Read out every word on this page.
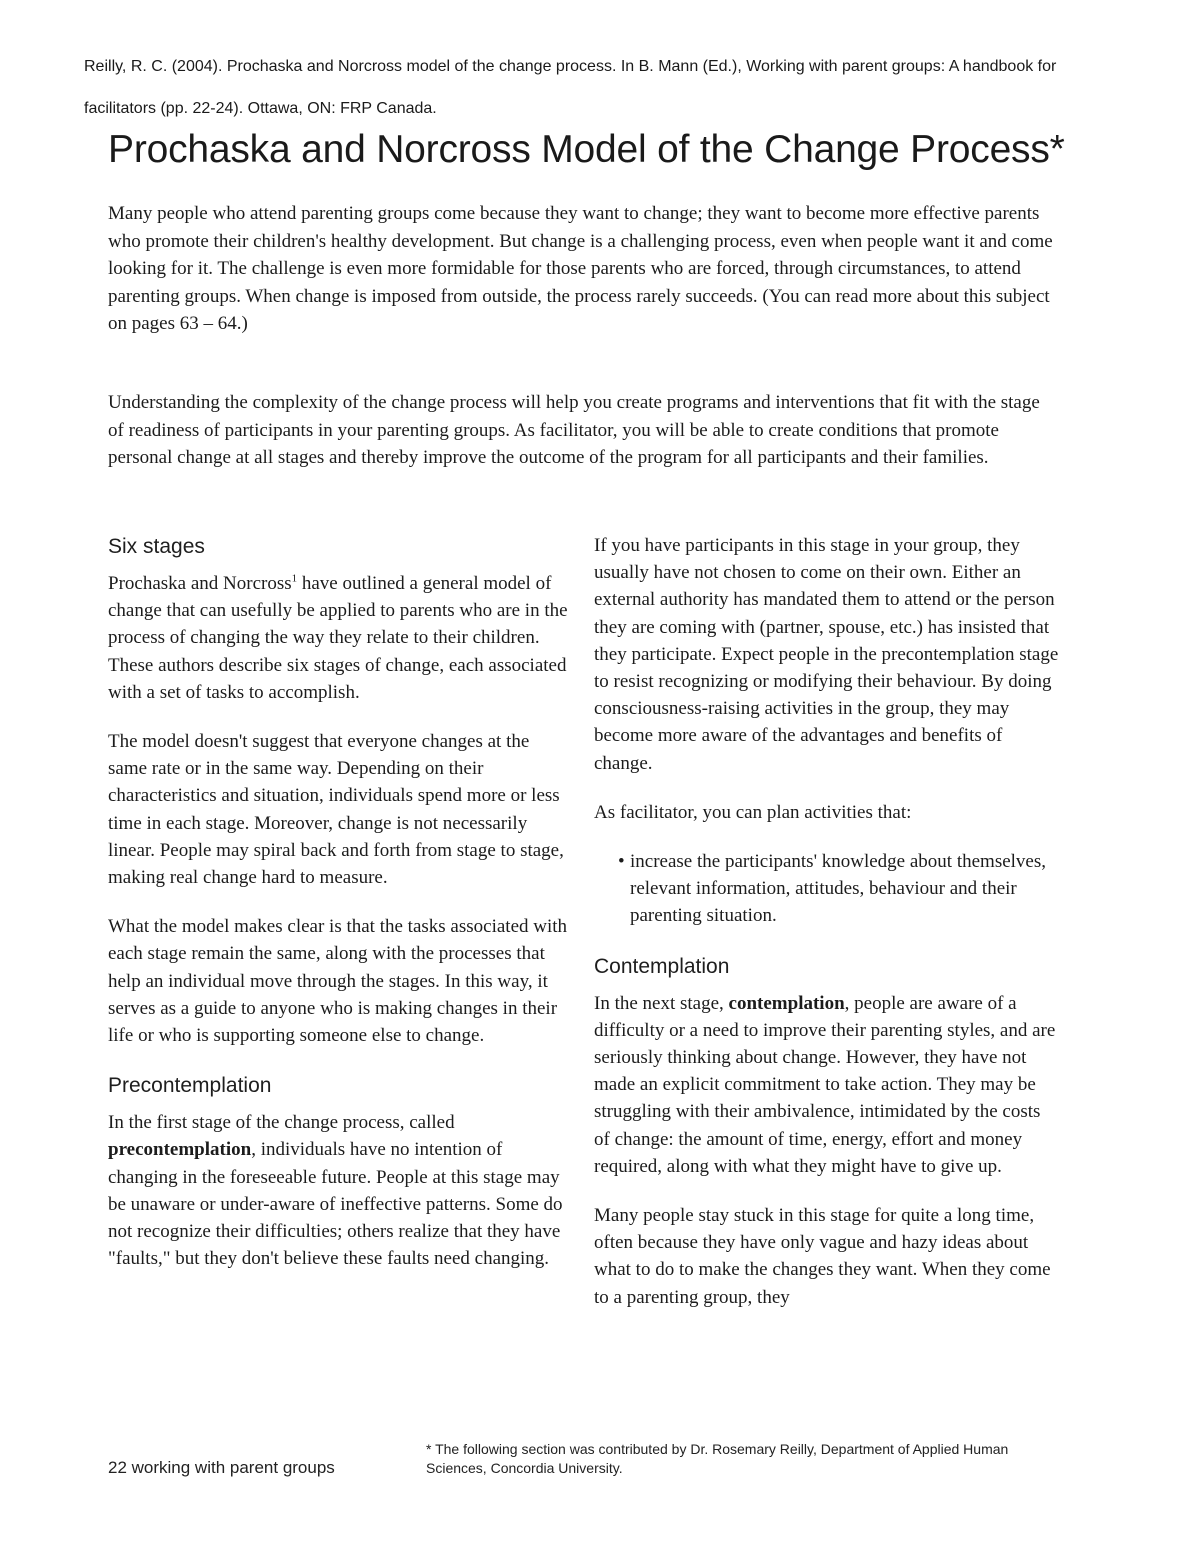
Reilly, R. C. (2004). Prochaska and Norcross model of the change process. In B. Mann (Ed.), Working with parent groups: A handbook for
facilitators (pp. 22-24). Ottawa, ON: FRP Canada.
Prochaska and Norcross Model of the Change Process*

Many people who attend parenting groups come because they want to change; they want to become more effective parents who promote their children's healthy development. But change is a challenging process, even when people want it and come looking for it. The challenge is even more formidable for those parents who are forced, through circumstances, to attend parenting groups. When change is imposed from outside, the process rarely succeeds. (You can read more about this subject on pages 63 – 64.)

Understanding the complexity of the change process will help you create programs and interventions that fit with the stage of readiness of participants in your parenting groups. As facilitator, you will be able to create conditions that promote personal change at all stages and thereby improve the outcome of the program for all participants and their families.

Six stages

Prochaska and Norcross$^1$ have outlined a general model of change that can usefully be applied to parents who are in the process of changing the way they relate to their children. These authors describe six stages of change, each associated with a set of tasks to accomplish.

The model doesn't suggest that everyone changes at the same rate or in the same way. Depending on their characteristics and situation, individuals spend more or less time in each stage. Moreover, change is not necessarily linear. People may spiral back and forth from stage to stage, making real change hard to measure.

What the model makes clear is that the tasks associated with each stage remain the same, along with the processes that help an individual move through the stages. In this way, it serves as a guide to anyone who is making changes in their life or who is supporting someone else to change.

Precontemplation

In the first stage of the change process, called precontemplation, individuals have no intention of changing in the foreseeable future. People at this stage may be unaware or under-aware of ineffective patterns. Some do not recognize their difficulties; others realize that they have "faults," but they don't believe these faults need changing.

If you have participants in this stage in your group, they usually have not chosen to come on their own. Either an external authority has mandated them to attend or the person they are coming with (partner, spouse, etc.) has insisted that they participate. Expect people in the precontemplation stage to resist recognizing or modifying their behaviour. By doing consciousness-raising activities in the group, they may become more aware of the advantages and benefits of change.

As facilitator, you can plan activities that:

• increase the participants' knowledge about themselves, relevant information, attitudes, behaviour and their parenting situation.
Contemplation

In the next stage, contemplation, people are aware of a difficulty or a need to improve their parenting styles, and are seriously thinking about change. However, they have not made an explicit commitment to take action. They may be struggling with their ambivalence, intimidated by the costs of change: the amount of time, energy, effort and money required, along with what they might have to give up.

Many people stay stuck in this stage for quite a long time, often because they have only vague and hazy ideas about what to do to make the changes they want. When they come to a parenting group, they

22 working with parent groups
* The following section was contributed by Dr. Rosemary Reilly, Department of Applied Human
Sciences, Concordia University.
